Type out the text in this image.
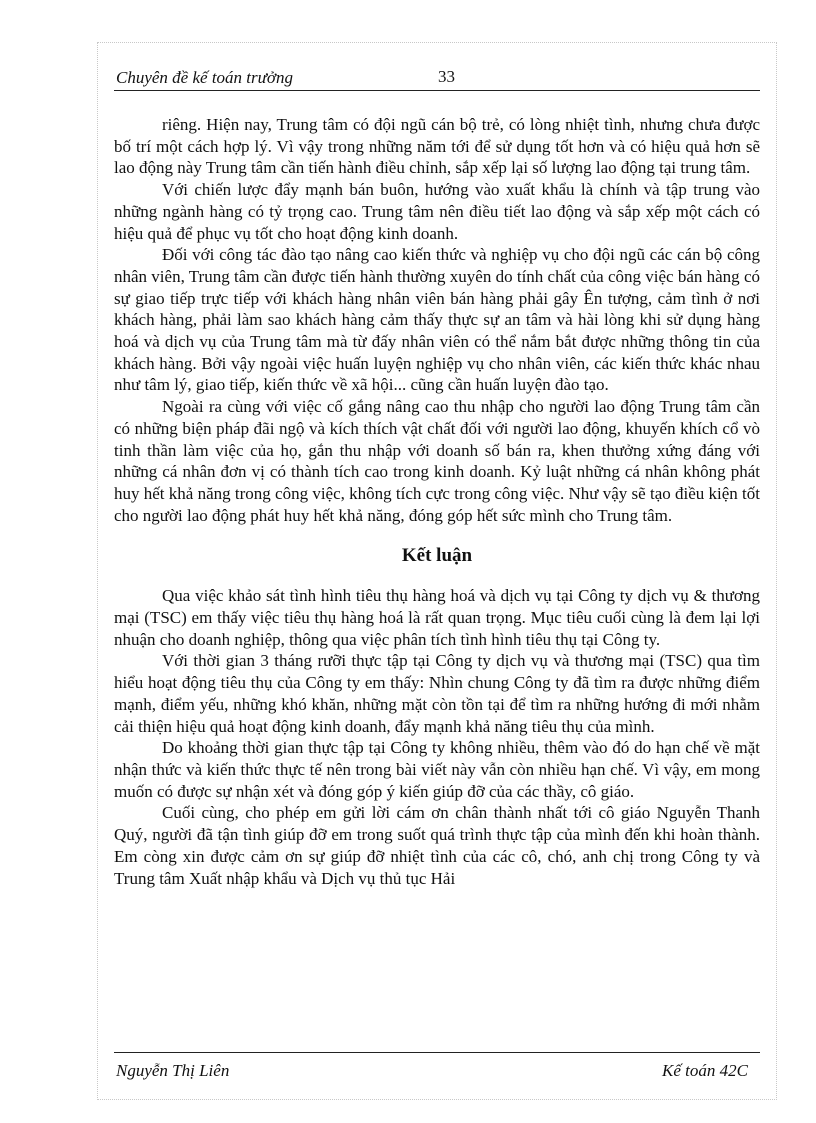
Chuyên đề kế toán trưởng	33

riêng. Hiện nay, Trung tâm có đội ngũ cán bộ trẻ, có lòng nhiệt tình, nhưng chưa được bố trí một cách hợp lý. Vì vậy trong những năm tới để sử dụng tốt hơn và có hiệu quả hơn sẽ lao động này Trung tâm cần tiến hành điều chỉnh, sắp xếp lại số lượng lao động tại trung tâm.

Với chiến lược đẩy mạnh bán buôn, hướng vào xuất khẩu là chính và tập trung vào những ngành hàng có tỷ trọng cao. Trung tâm nên điều tiết lao động và sắp xếp một cách có hiệu quả để phục vụ tốt cho hoạt động kinh doanh.

Đối với công tác đào tạo nâng cao kiến thức và nghiệp vụ cho đội ngũ các cán bộ công nhân viên, Trung tâm cần được tiến hành thường xuyên do tính chất của công việc bán hàng có sự giao tiếp trực tiếp với khách hàng nhân viên bán hàng phải gây Ên tượng, cảm tình ở nơi khách hàng, phải làm sao khách hàng cảm thấy thực sự an tâm và hài lòng khi sử dụng hàng hoá và dịch vụ của Trung tâm mà từ đấy nhân viên có thể nắm bắt được những thông tin của khách hàng. Bởi vậy ngoài việc huấn luyện nghiệp vụ cho nhân viên, các kiến thức khác nhau như tâm lý, giao tiếp, kiến thức về xã hội... cũng cần huấn luyện đào tạo.

Ngoài ra cùng với việc cố gắng nâng cao thu nhập cho người lao động Trung tâm cần có những biện pháp đãi ngộ và kích thích vật chất đối với người lao động, khuyến khích cổ vò tinh thần làm việc của họ, gắn thu nhập với doanh số bán ra, khen thưởng xứng đáng với những cá nhân đơn vị có thành tích cao trong kinh doanh. Kỷ luật những cá nhân không phát huy hết khả năng trong công việc, không tích cực trong công việc. Như vậy sẽ tạo điều kiện tốt cho người lao động phát huy hết khả năng, đóng góp hết sức mình cho Trung tâm.

Kết luận

Qua việc khảo sát tình hình tiêu thụ hàng hoá và dịch vụ tại Công ty dịch vụ & thương mại (TSC) em thấy việc tiêu thụ hàng hoá là rất quan trọng. Mục tiêu cuối cùng là đem lại lợi nhuận cho doanh nghiệp, thông qua việc phân tích tình hình tiêu thụ tại Công ty.

Với thời gian 3 tháng rưỡi thực tập tại Công ty dịch vụ và thương mại (TSC) qua tìm hiểu hoạt động tiêu thụ của Công ty em thấy: Nhìn chung Công ty đã tìm ra được những điểm mạnh, điểm yếu, những khó khăn, những mặt còn tồn tại để tìm ra những hướng đi mới nhằm cải thiện hiệu quả hoạt động kinh doanh, đẩy mạnh khả năng tiêu thụ của mình.

Do khoảng thời gian thực tập tại Công ty không nhiều, thêm vào đó do hạn chế về mặt nhận thức và kiến thức thực tế nên trong bài viết này vẫn còn nhiều hạn chế. Vì vậy, em mong muốn có được sự nhận xét và đóng góp ý kiến giúp đỡ của các thầy, cô giáo.

Cuối cùng, cho phép em gửi lời cám ơn chân thành nhất tới cô giáo Nguyễn Thanh Quý, người đã tận tình giúp đỡ em trong suốt quá trình thực tập của mình đến khi hoàn thành. Em còng xin được cảm ơn sự giúp đỡ nhiệt tình của các cô, chó, anh chị trong Công ty và Trung tâm Xuất nhập khẩu và Dịch vụ thủ tục Hải

Nguyễn Thị Liên	Kế toán 42C
